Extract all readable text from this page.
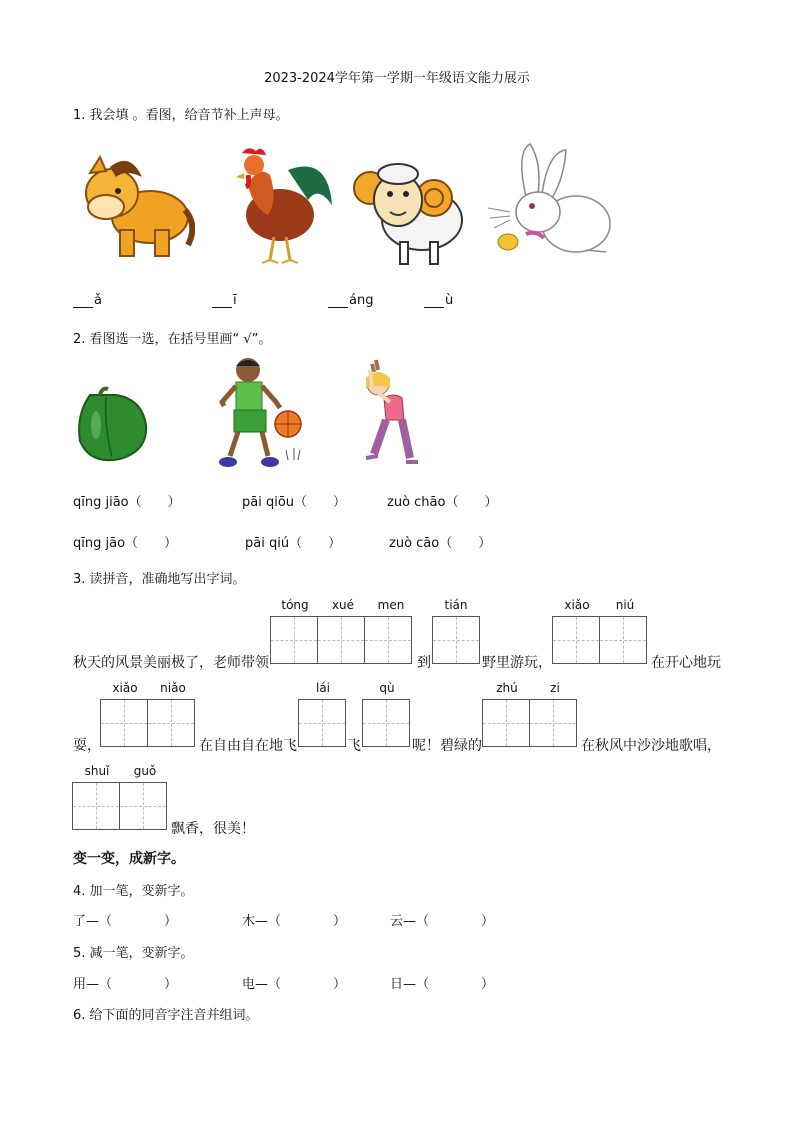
2023-2024学年第一学期一年级语文能力展示
1. 我会填 。看图，给音节补上声母。
ǎ	ī	áng	ù
2. 看图选一选，在括号里画“ √”。
qīng jiāo（　　）	pāi qiōu（　　）	zuò chāo（　　）
qīng jāo（　　）	pāi qiú（　　）	zuò cāo（　　）
3. 读拼音，准确地写出字词。
tóng	xué	men	tián	xiǎo	niú
秋天的风景美丽极了，老师带领	到	野里游玩，	在开心地玩
xiǎo	niǎo	lái	qù	zhú	zi
耍，	在自由自在地飞	飞	呢！碧绿的	在秋风中沙沙地歌唱，
shuǐ	guǒ
飘香，很美！
变一变，成新字。
4. 加一笔，变新字。
了—（　　　　）	木—（　　　　）	云—（　　　　）
5. 减一笔，变新字。
用—（　　　　）	电—（　　　　）	日—（　　　　）
6. 给下面的同音字注音并组词。
